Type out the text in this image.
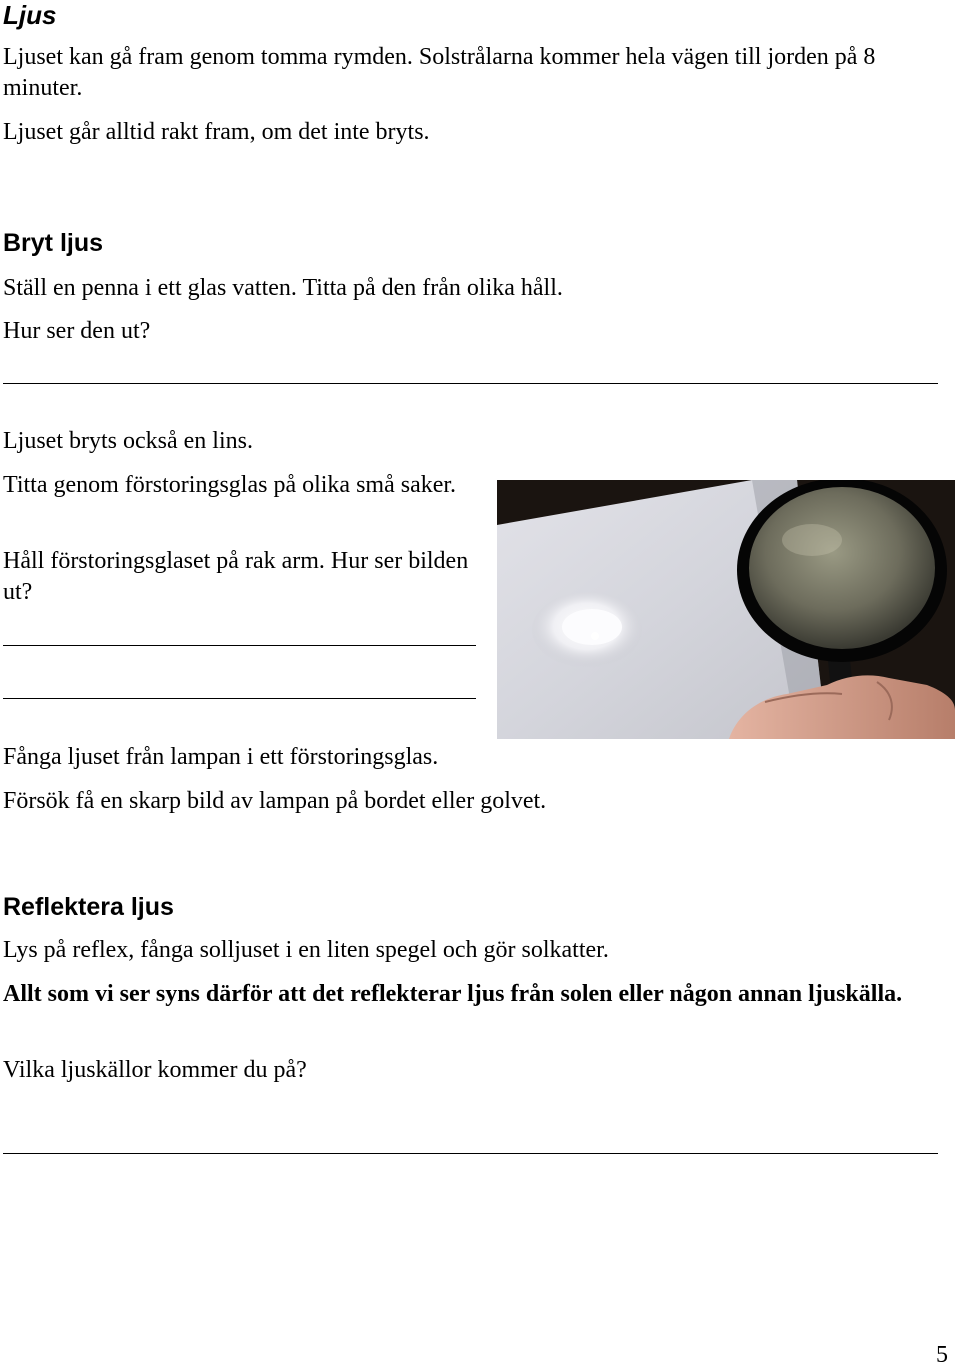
Ljus

Ljuset kan gå fram genom tomma rymden. Solstrålarna kommer hela vägen till jorden på 8 minuter.

Ljuset går alltid rakt fram, om det inte bryts.

Bryt ljus

Ställ en penna i ett glas vatten. Titta på den från olika håll.

Hur ser den ut?

Ljuset bryts också en lins.

Titta genom förstoringsglas på olika små saker.

Håll förstoringsglaset på rak arm. Hur ser bilden ut?

Fånga ljuset från lampan i ett förstoringsglas.

Försök få en skarp bild av lampan på bordet eller golvet.

Reflektera ljus

Lys på reflex, fånga solljuset i en liten spegel och gör solkatter.

Allt som vi ser syns därför att det reflekterar ljus från solen eller någon annan ljuskälla.

Vilka ljuskällor kommer du på?

5
